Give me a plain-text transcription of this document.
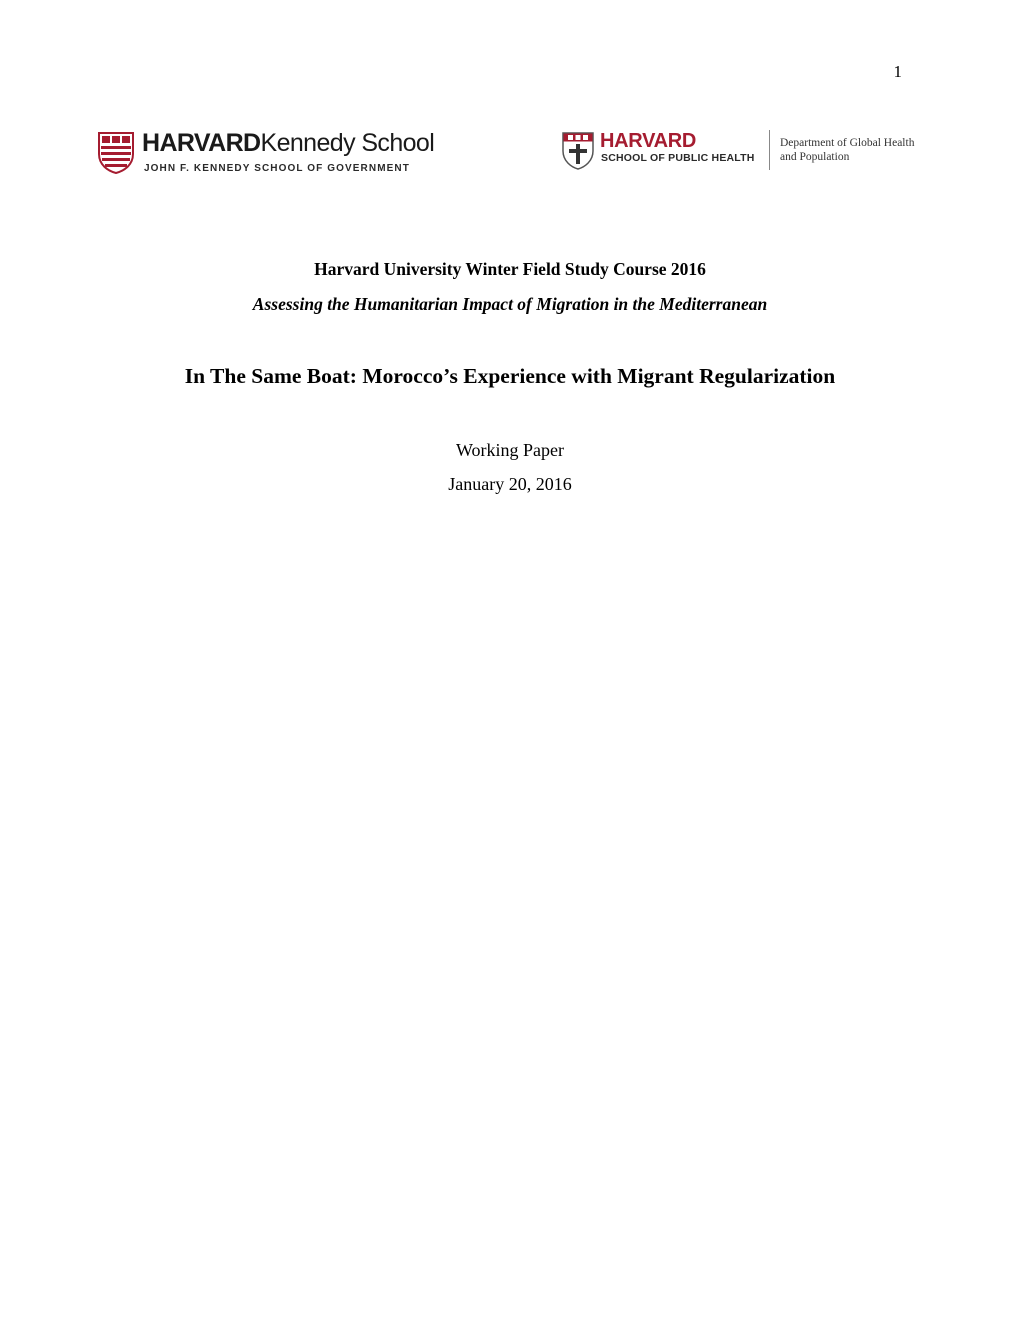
1
HARVARDKennedy School
JOHN F. KENNEDY SCHOOL OF GOVERNMENT
HARVARD
SCHOOL OF PUBLIC HEALTH
Department of Global Health
and Population
Harvard University Winter Field Study Course 2016
Assessing the Humanitarian Impact of Migration in the Mediterranean
In The Same Boat: Morocco’s Experience with Migrant Regularization
Working Paper
January 20, 2016
